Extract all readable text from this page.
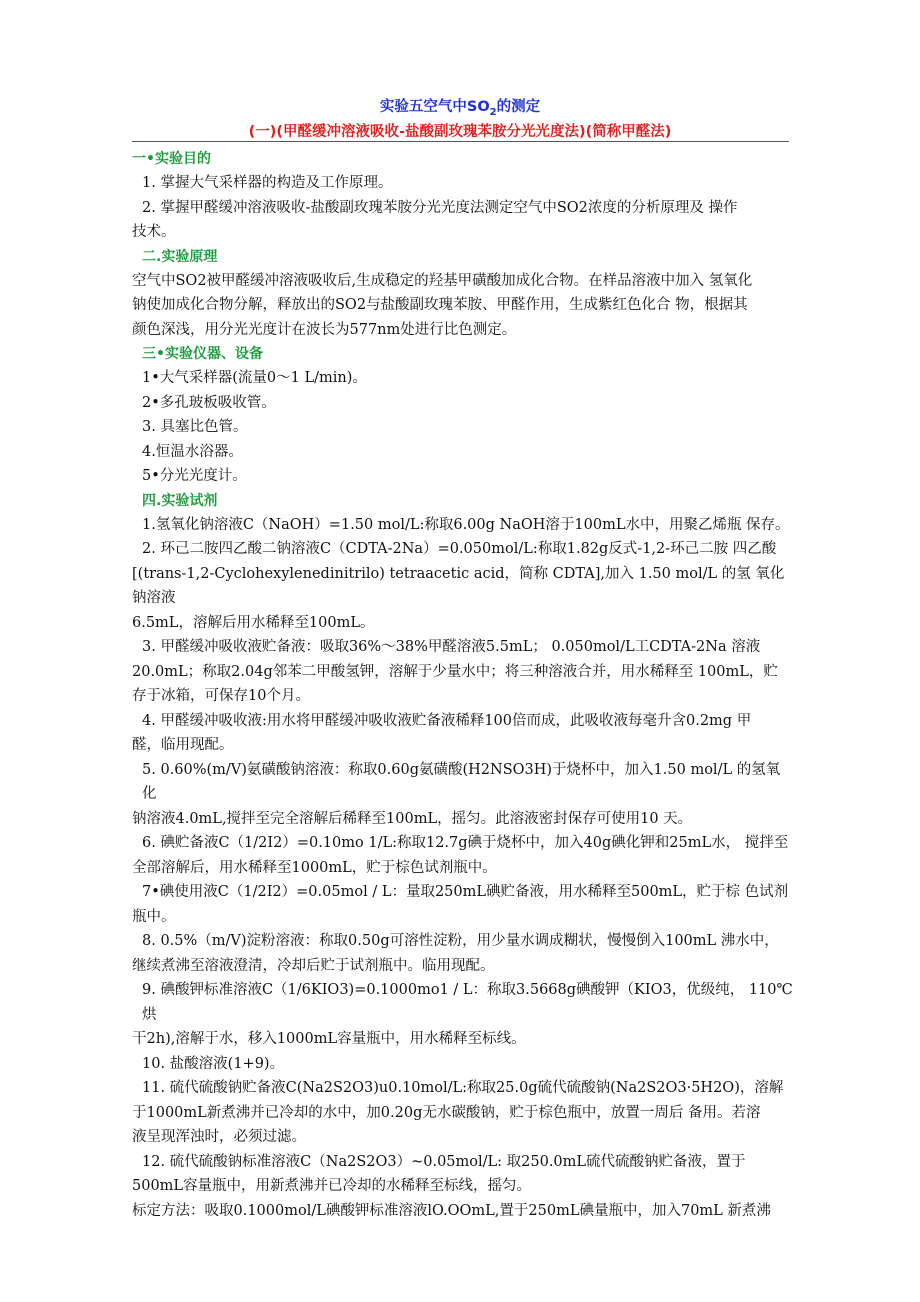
实验五空气中$SO_2$的测定
(一)(甲醛缓冲溶液吸收-盐酸副玫瑰苯胺分光光度法)(简称甲醛法)
一•实验目的
1. 掌握大气采样器的构造及工作原理。
2. 掌握甲醛缓冲溶液吸收-盐酸副玫瑰苯胺分光光度法测定空气中SO2浓度的分析原理及 操作
技术。
二.实验原理
空气中SO2被甲醛缓冲溶液吸收后,生成稳定的羟基甲磺酸加成化合物。在样品溶液中加入 氢氧化
钠使加成化合物分解，释放出的SO2与盐酸副玫瑰苯胺、甲醛作用，生成紫红色化合 物，根据其
颜色深浅，用分光光度计在波长为577nm处进行比色测定。
三•实验仪器、设备
1•大气采样器(流量0〜1 L/min)。
2•多孔玻板吸收管。
3. 具塞比色管。
4.恒温水浴器。
5•分光光度计。
四.实验试剂
1.氢氧化钠溶液C（NaOH）=1.50 mol/L:称取6.00g NaOH溶于100mL水中，用聚乙烯瓶 保存。
2. 环己二胺四乙酸二钠溶液C（CDTA-2Na）=0.050mol/L:称取1.82g反式-1,2-环己二胺 四乙酸
[(trans-1,2-Cyclohexylenedinitrilo) tetraacetic acid，简称 CDTA],加入 1.50 mol/L 的氢 氧化钠溶液
6.5mL，溶解后用水稀释至100mL。
3. 甲醛缓冲吸收液贮备液：吸取36%〜38%甲醛溶液5.5mL； 0.050mol/L工CDTA-2Na 溶液
20.0mL；称取2.04g邻苯二甲酸氢钾，溶解于少量水中；将三种溶液合并，用水稀释至 100mL，贮
存于冰箱，可保存10个月。
4. 甲醛缓冲吸收液:用水将甲醛缓冲吸收液贮备液稀释100倍而成，此吸收液每毫升含0.2mg 甲
醛，临用现配。
5. 0.60%(m/V)氨磺酸钠溶液：称取0.60g氨磺酸(H2NSO3H)于烧杯中，加入1.50 mol/L 的氢氧化
钠溶液4.0mL,搅拌至完全溶解后稀释至100mL，摇匀。此溶液密封保存可使用10 天。
6. 碘贮备液C（1/2I2）=0.10mo 1/L:称取12.7g碘于烧杯中，加入40g碘化钾和25mL水， 搅拌至
全部溶解后，用水稀释至1000mL，贮于棕色试剂瓶中。
7•碘使用液C（1/2I2）=0.05mol / L：量取250mL碘贮备液，用水稀释至500mL，贮于棕 色试剂
瓶中。
8. 0.5%（m/V)淀粉溶液：称取0.50g可溶性淀粉，用少量水调成糊状，慢慢倒入100mL 沸水中，
继续煮沸至溶液澄清，冷却后贮于试剂瓶中。临用现配。
9. 碘酸钾标准溶液C（1/6KIO3)=0.1000mo1 / L：称取3.5668g碘酸钾（KIO3，优级纯， 110℃烘
干2h),溶解于水，移入1000mL容量瓶中，用水稀释至标线。
10. 盐酸溶液(1+9)。
11. 硫代硫酸钠贮备液C(Na2S2O3)u0.10mol/L:称取25.0g硫代硫酸钠(Na2S2O3·5H2O)，溶解
于1000mL新煮沸并已冷却的水中，加0.20g无水碳酸钠，贮于棕色瓶中，放置一周后 备用。若溶
液呈现浑浊时，必须过滤。
12. 硫代硫酸钠标准溶液C（Na2S2O3）~0.05mol/L: 取250.0mL硫代硫酸钠贮备液，置于
500mL容量瓶中，用新煮沸并已冷却的水稀释至标线，摇匀。
标定方法：吸取0.1000mol/L碘酸钾标准溶液lO.OOmL,置于250mL碘量瓶中，加入70mL 新煮沸
